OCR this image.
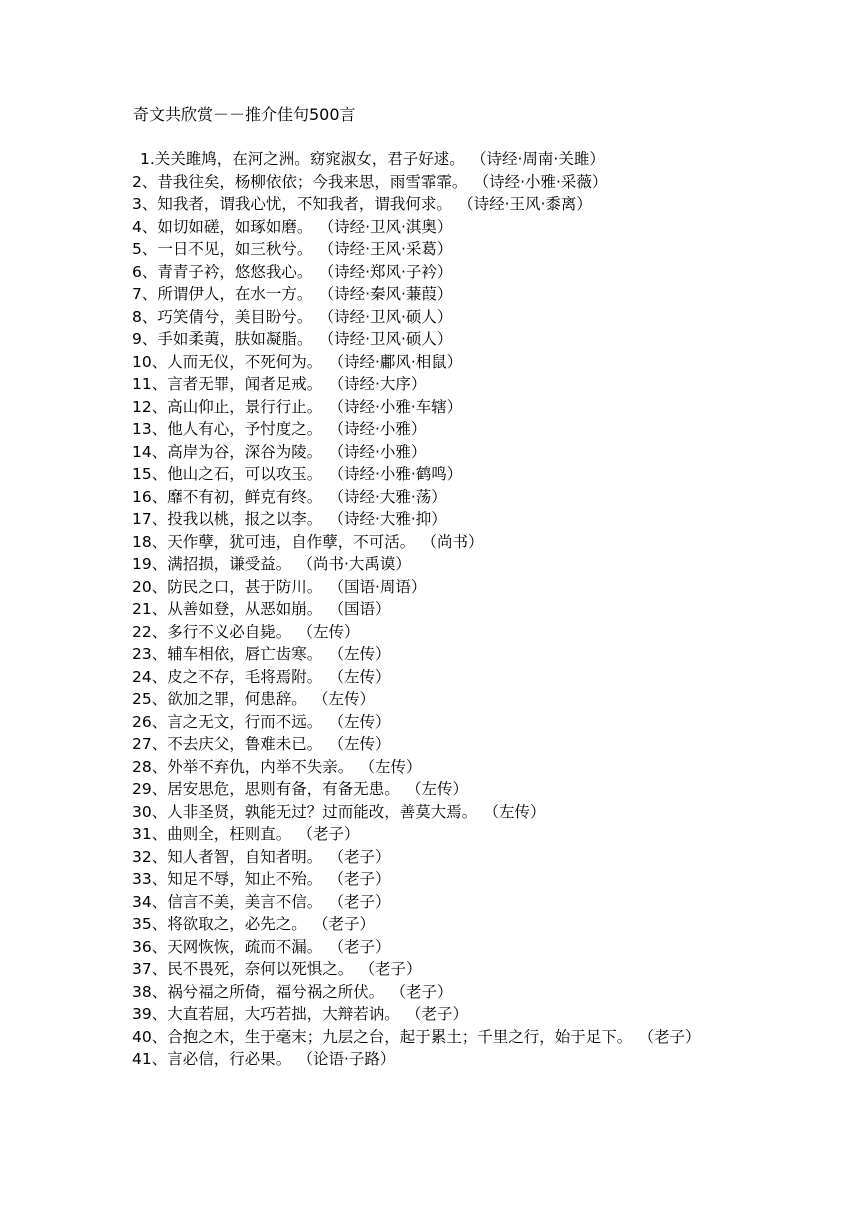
奇文共欣赏－－推介佳句500言
1.关关雎鸠，在河之洲。窈窕淑女，君子好逑。 （诗经·周南·关雎）
2、昔我往矣，杨柳依依；今我来思，雨雪霏霏。 （诗经·小雅·采薇）
3、知我者，谓我心忧，不知我者，谓我何求。 （诗经·王风·黍离）
4、如切如磋，如琢如磨。 （诗经·卫风·淇奥）
5、一日不见，如三秋兮。 （诗经·王风·采葛）
6、青青子衿，悠悠我心。 （诗经·郑风·子衿）
7、所谓伊人，在水一方。 （诗经·秦风·蒹葭）
8、巧笑倩兮，美目盼兮。 （诗经·卫风·硕人）
9、手如柔荑，肤如凝脂。 （诗经·卫风·硕人）
10、人而无仪，不死何为。 （诗经·鄘风·相鼠）
11、言者无罪，闻者足戒。 （诗经·大序）
12、高山仰止，景行行止。 （诗经·小雅·车辖）
13、他人有心，予忖度之。 （诗经·小雅）
14、高岸为谷，深谷为陵。 （诗经·小雅）
15、他山之石，可以攻玉。 （诗经·小雅·鹤鸣）
16、靡不有初，鲜克有终。 （诗经·大雅·荡）
17、投我以桃，报之以李。 （诗经·大雅·抑）
18、天作孽，犹可违，自作孽，不可活。 （尚书）
19、满招损，谦受益。 （尚书·大禹谟）
20、防民之口，甚于防川。 （国语·周语）
21、从善如登，从恶如崩。 （国语）
22、多行不义必自毙。 （左传）
23、辅车相依，唇亡齿寒。 （左传）
24、皮之不存，毛将焉附。 （左传）
25、欲加之罪，何患辞。 （左传）
26、言之无文，行而不远。 （左传）
27、不去庆父，鲁难未已。 （左传）
28、外举不弃仇，内举不失亲。 （左传）
29、居安思危，思则有备，有备无患。 （左传）
30、人非圣贤，孰能无过？过而能改，善莫大焉。 （左传）
31、曲则全，枉则直。 （老子）
32、知人者智，自知者明。 （老子）
33、知足不辱，知止不殆。 （老子）
34、信言不美，美言不信。 （老子）
35、将欲取之，必先之。 （老子）
36、天网恢恢，疏而不漏。 （老子）
37、民不畏死，奈何以死惧之。 （老子）
38、祸兮福之所倚，福兮祸之所伏。 （老子）
39、大直若屈，大巧若拙，大辩若讷。 （老子）
40、合抱之木，生于毫末；九层之台，起于累土；千里之行，始于足下。 （老子）
41、言必信，行必果。 （论语·子路）
